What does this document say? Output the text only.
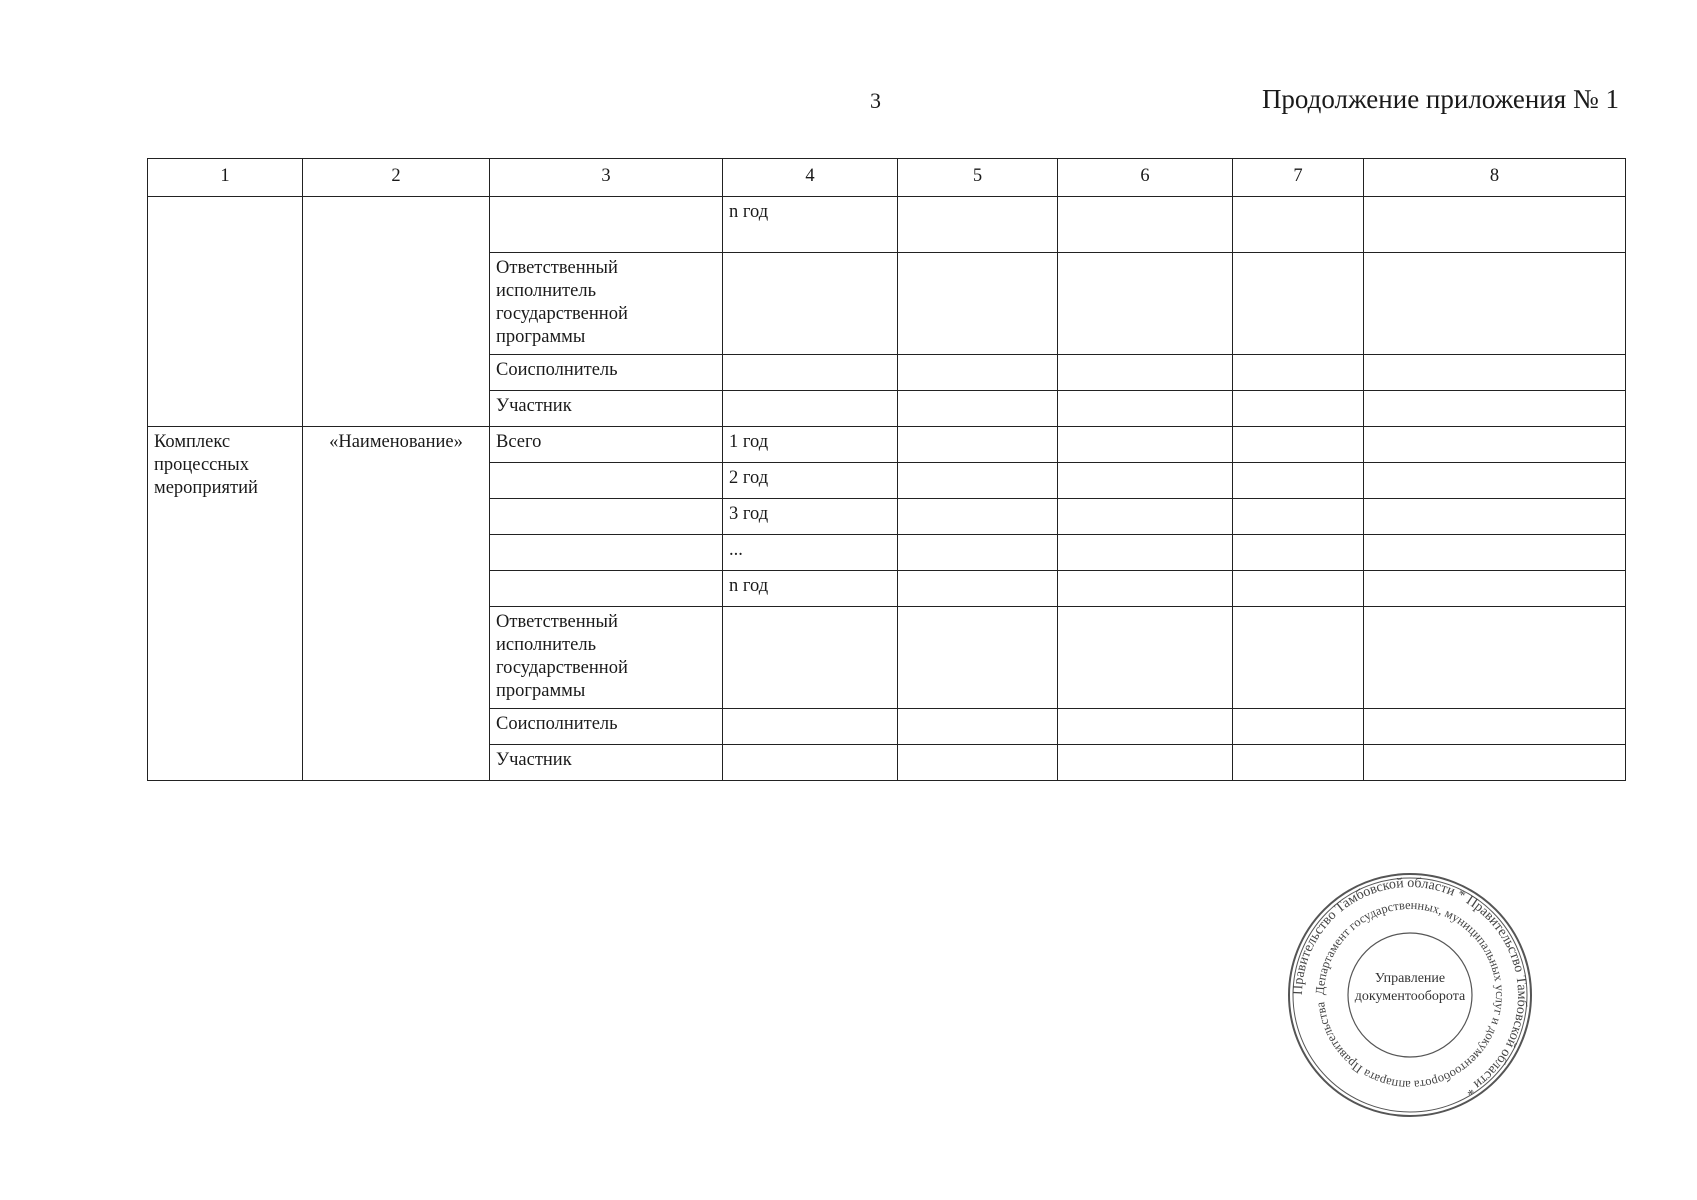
3	Продолжение приложения № 1
1	2	3	4	5	6	7	8
			n год				
		Ответственный исполнитель государственной программы					
		Соисполнитель					
		Участник					
Комплекс процессных мероприятий	«Наименование»	Всего	1 год				
			2 год				
			3 год				
			...				
			n год				
		Ответственный исполнитель государственной программы					
		Соисполнитель					
		Участник					
Правительство Тамбовской области * Правительство Тамбовской области *
Департамент государственных, муниципальных услуг и документооборота аппарата Правительства
Управление
документооборота
